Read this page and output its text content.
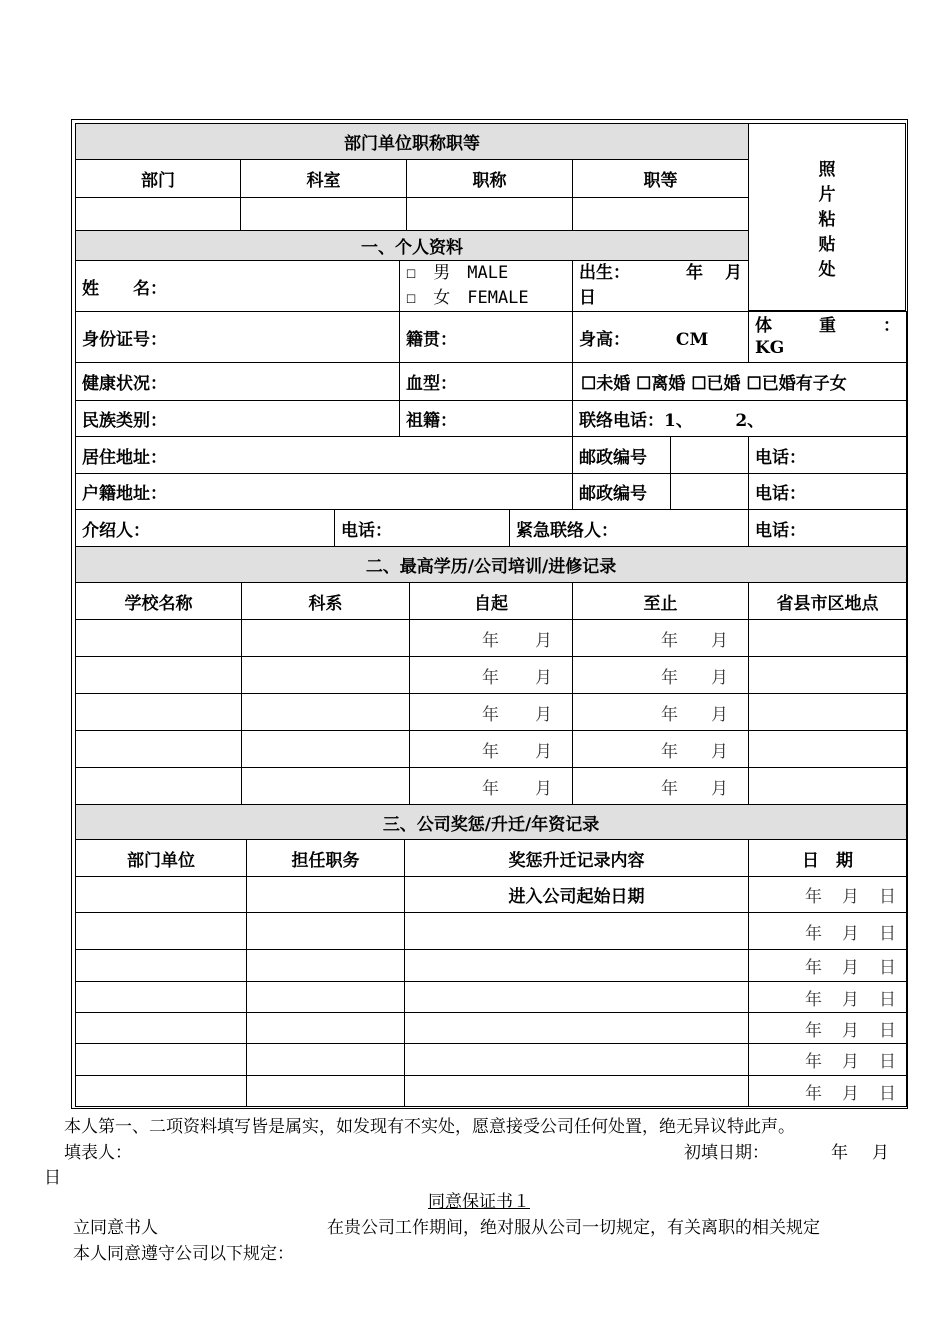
部门单位职称职等			
部门	科室	职称	职等

一、个人资料			
照
片
粘
贴
处
姓　　名：	
☐　男　MALE
☐　女　FEMALE

出生：	年 月
日
身份证号：	籍贯：	身高： CM	体 重 ：
KG

健康状况：	血型：	☐未婚 ☐离婚 ☐已婚 ☐已婚有子女	
民族类别：	祖籍：	联络电话：1、　　　2、	
居住地址：	邮政编号		电话：
户籍地址：	邮政编号		电话：
介绍人：	电话：	紧急联络人：	电话：
二、最高学历/公司培训/进修记录				
学校名称	科系	自起	至止	省县市区地点

		年 月	年 月	

		年 月	年 月	

		年 月	年 月	

		年 月	年 月	

		年 月	年 月	

三、公司奖惩/升迁/年资记录			
部门单位	担任职务	奖惩升迁记录内容	日　期
		进入公司起始日期	年 月 日

			年 月 日

			年 月 日

			年 月 日

			年 月 日

			年 月 日

			年 月 日
本人第一、二项资料填写皆是属实，如发现有不实处，愿意接受公司任何处置，绝无异议特此声。
填表人：	初填日期：	年 月
日
同意保证书１
立同意书人	在贵公司工作期间，绝对服从公司一切规定，有关离职的相关规定
本人同意遵守公司以下规定：
